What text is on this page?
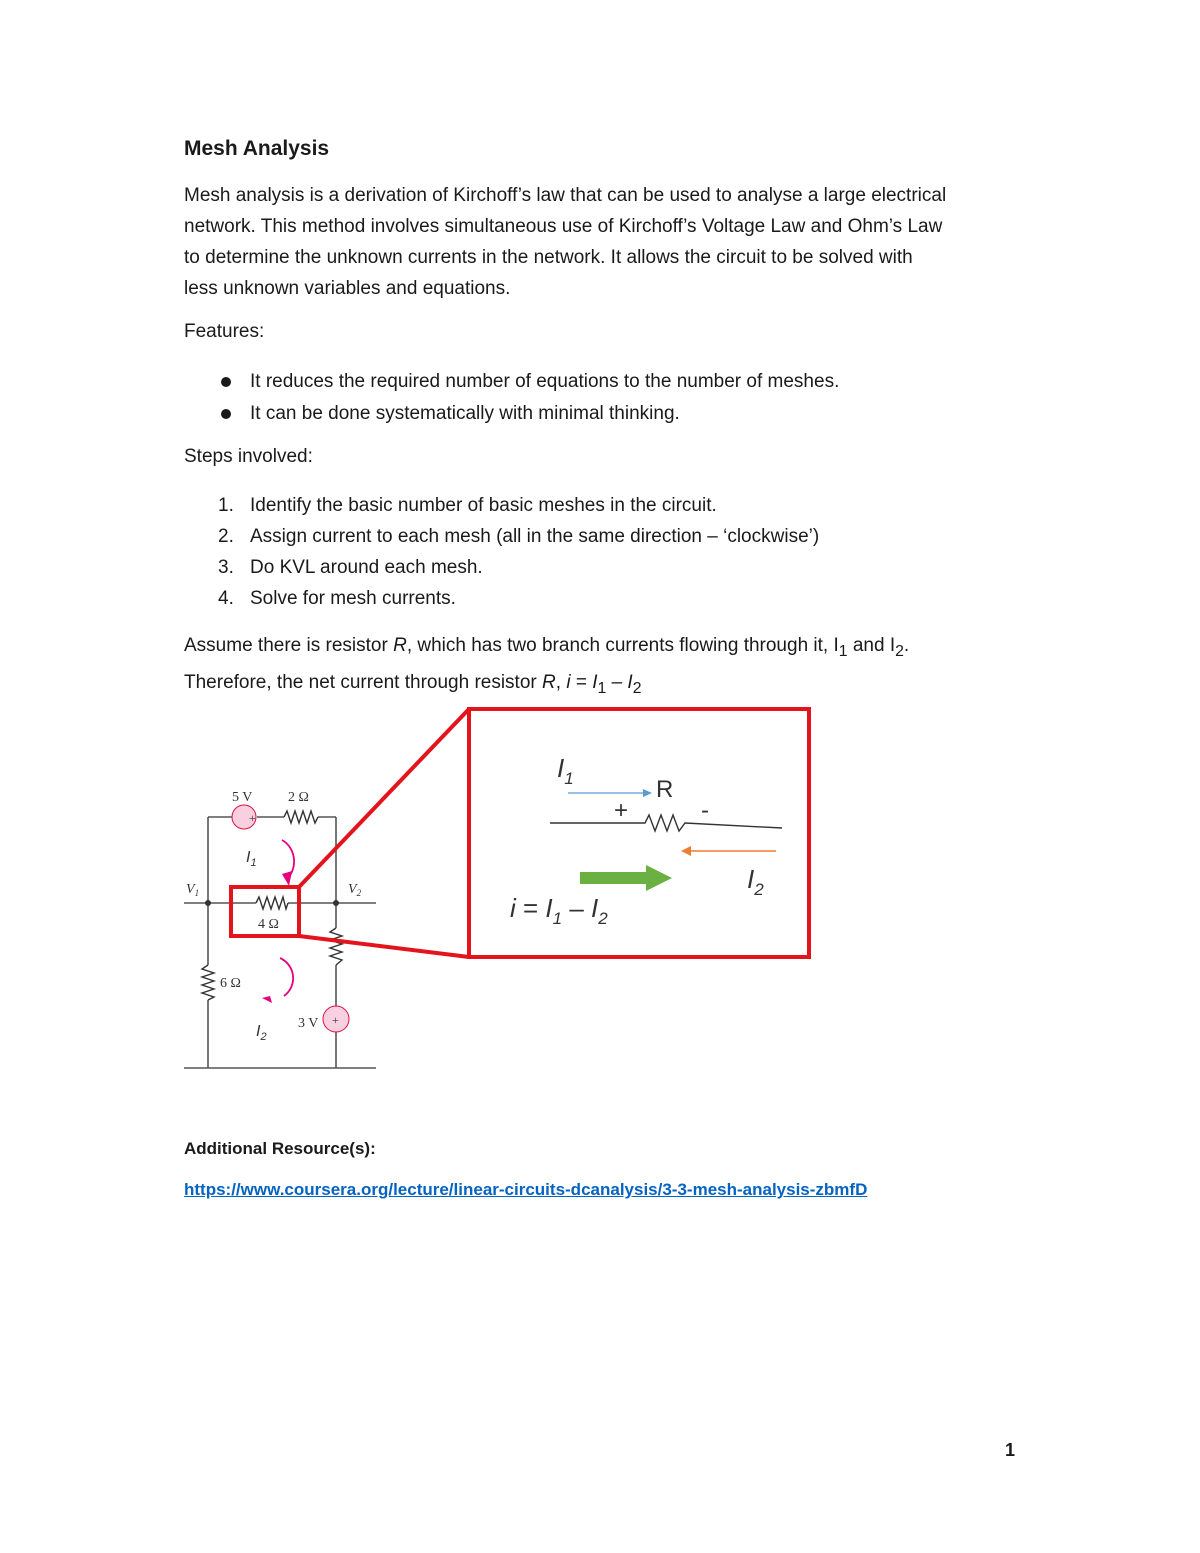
Mesh Analysis

Mesh analysis is a derivation of Kirchoff’s law that can be used to analyse a large electrical

network. This method involves simultaneous use of Kirchoff’s Voltage Law and Ohm’s Law

to determine the unknown currents in the network. It allows the circuit to be solved with

less unknown variables and equations.

Features:
It reduces the required number of equations to the number of meshes.
It can be done systematically with minimal thinking.
Steps involved:
1. Identify the basic number of basic meshes in the circuit.
2. Assign current to each mesh (all in the same direction – ‘clockwise’)
3. Do KVL around each mesh.
4. Solve for mesh currents.

Assume there is resistor R, which has two branch currents flowing through it, $I_1$ and $I_2$.

Therefore, the net current through resistor R, $i = I_1 - I_2$

+
+
5 V	2 Ω
4 Ω
6 Ω
3 V
$V_1$	$V_2$
$I_1$
$I_2$
$I_1$	R
+	-
$I_2$
$i = I_1 - I_2$
Additional Resource(s):
https://www.coursera.org/lecture/linear-circuits-dcanalysis/3-3-mesh-analysis-zbmfD
1
